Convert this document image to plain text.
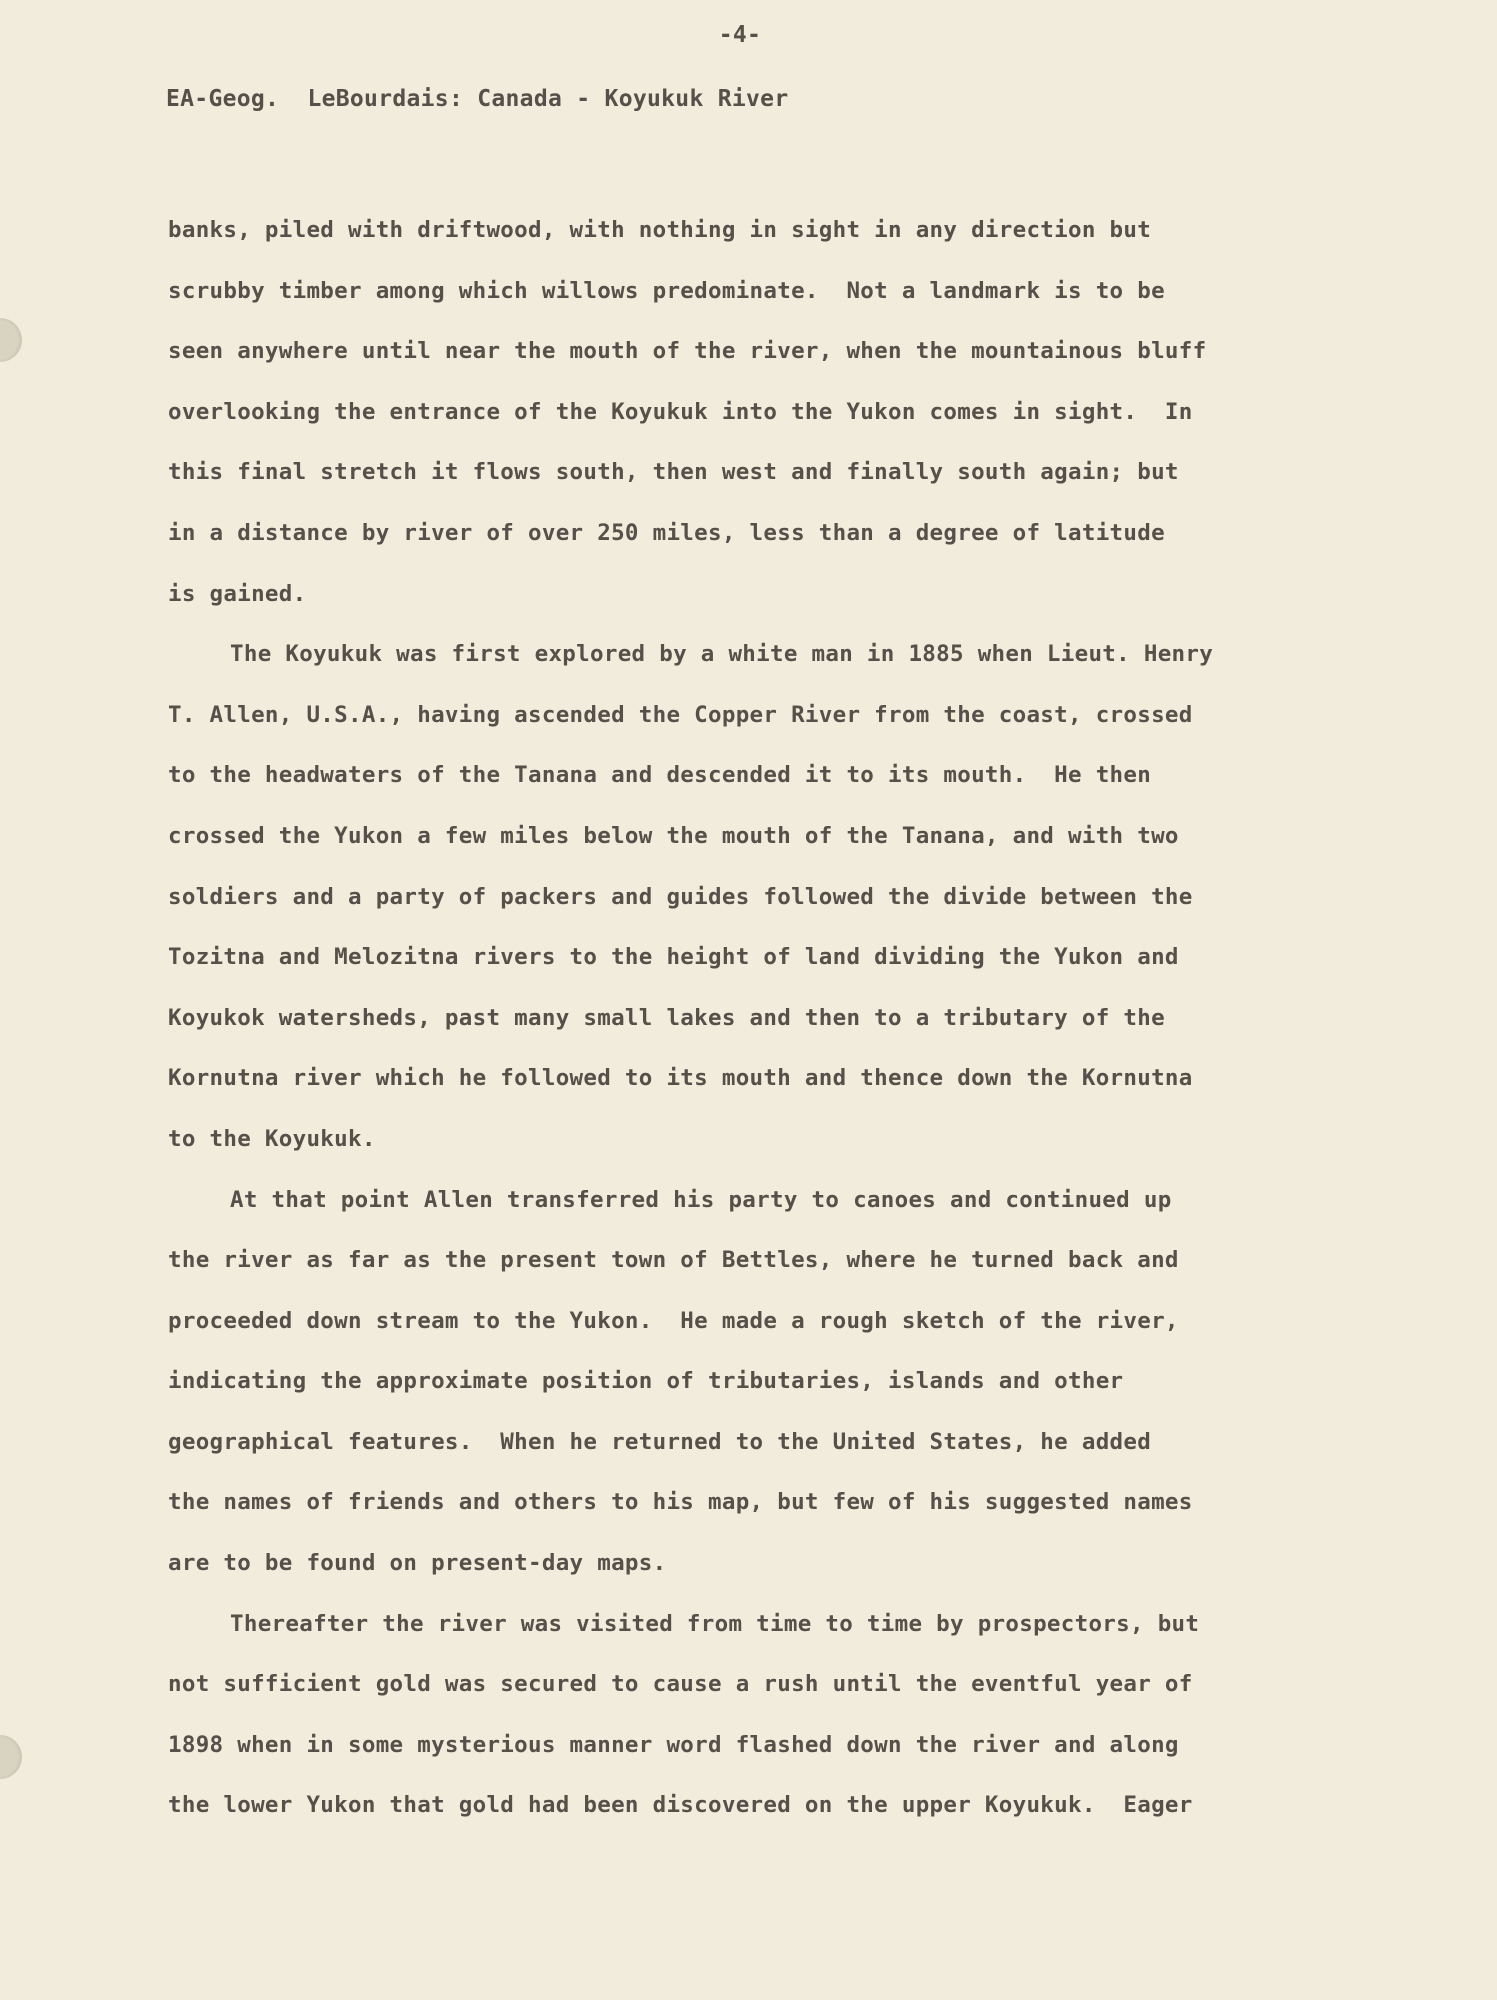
-4-
EA-Geog.  LeBourdais: Canada - Koyukuk River
banks, piled with driftwood, with nothing in sight in any direction but
scrubby timber among which willows predominate.  Not a landmark is to be
seen anywhere until near the mouth of the river, when the mountainous bluff
overlooking the entrance of the Koyukuk into the Yukon comes in sight.  In
this final stretch it flows south, then west and finally south again; but
in a distance by river of over 250 miles, less than a degree of latitude
is gained.
The Koyukuk was first explored by a white man in 1885 when Lieut. Henry
T. Allen, U.S.A., having ascended the Copper River from the coast, crossed
to the headwaters of the Tanana and descended it to its mouth.  He then
crossed the Yukon a few miles below the mouth of the Tanana, and with two
soldiers and a party of packers and guides followed the divide between the
Tozitna and Melozitna rivers to the height of land dividing the Yukon and
Koyukok watersheds, past many small lakes and then to a tributary of the
Kornutna river which he followed to its mouth and thence down the Kornutna
to the Koyukuk.
At that point Allen transferred his party to canoes and continued up
the river as far as the present town of Bettles, where he turned back and
proceeded down stream to the Yukon.  He made a rough sketch of the river,
indicating the approximate position of tributaries, islands and other
geographical features.  When he returned to the United States, he added
the names of friends and others to his map, but few of his suggested names
are to be found on present-day maps.
Thereafter the river was visited from time to time by prospectors, but
not sufficient gold was secured to cause a rush until the eventful year of
1898 when in some mysterious manner word flashed down the river and along
the lower Yukon that gold had been discovered on the upper Koyukuk.  Eager
